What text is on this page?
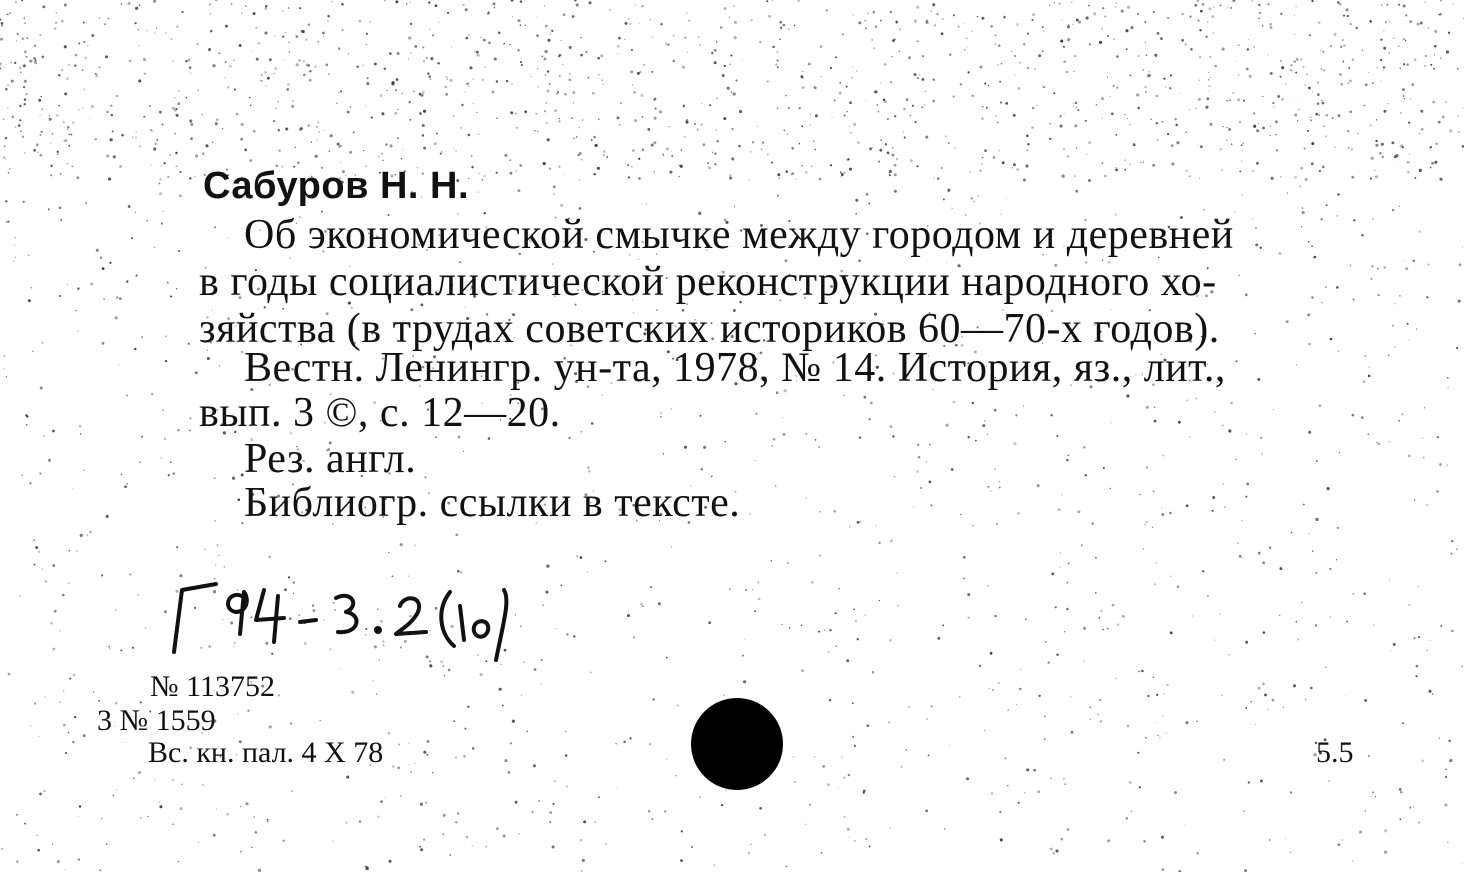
Сабуров Н. Н.
Об экономической смычке между городом и деревней
в годы социалистической реконструкции народного хо-
зяйства (в трудах советских историков 60—70-х годов).
Вестн. Ленингр. ун-та, 1978, № 14. История, яз., лит.,
вып. 3 ©, с. 12—20.
Рез. англ.
Библиогр. ссылки в тексте.
№ 113752
3 № 1559
Вс. кн. пал. 4 X 78	5.5
